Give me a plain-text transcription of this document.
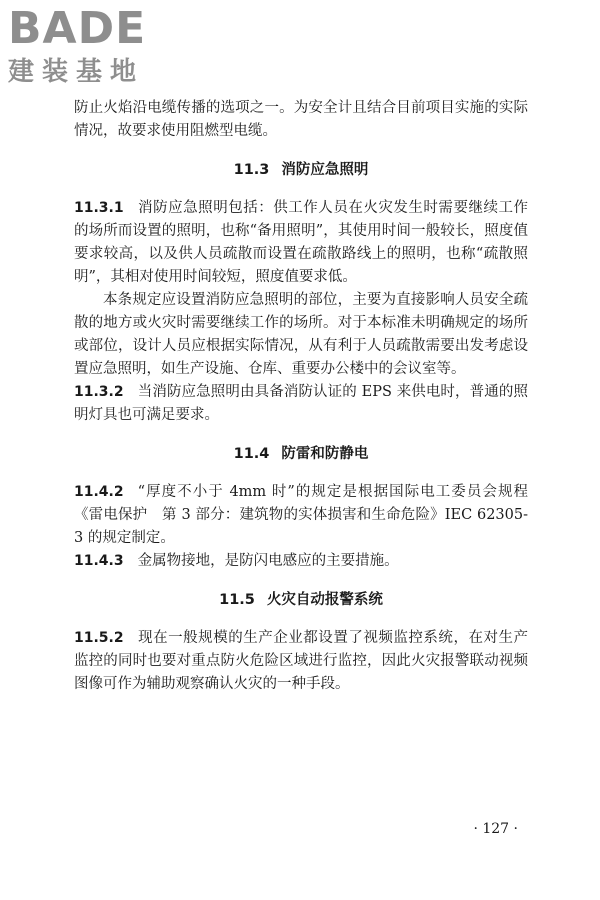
BADE
建装基地

防止火焰沿电缆传播的选项之一。为安全计且结合目前项目实施的实际情况，故要求使用阻燃型电缆。

11.3 消防应急照明

11.3.1 消防应急照明包括：供工作人员在火灾发生时需要继续工作的场所而设置的照明，也称“备用照明”，其使用时间一般较长，照度值要求较高，以及供人员疏散而设置在疏散路线上的照明，也称“疏散照明”，其相对使用时间较短，照度值要求低。

本条规定应设置消防应急照明的部位，主要为直接影响人员安全疏散的地方或火灾时需要继续工作的场所。对于本标准未明确规定的场所或部位，设计人员应根据实际情况，从有利于人员疏散需要出发考虑设置应急照明，如生产设施、仓库、重要办公楼中的会议室等。

11.3.2 当消防应急照明由具备消防认证的 EPS 来供电时，普通的照明灯具也可满足要求。

11.4 防雷和防静电

11.4.2 “厚度不小于 4mm 时”的规定是根据国际电工委员会规程《雷电保护　第 3 部分：建筑物的实体损害和生命危险》IEC 62305-3 的规定制定。

11.4.3 金属物接地，是防闪电感应的主要措施。

11.5 火灾自动报警系统

11.5.2 现在一般规模的生产企业都设置了视频监控系统，在对生产监控的同时也要对重点防火危险区域进行监控，因此火灾报警联动视频图像可作为辅助观察确认火灾的一种手段。

· 127 ·
